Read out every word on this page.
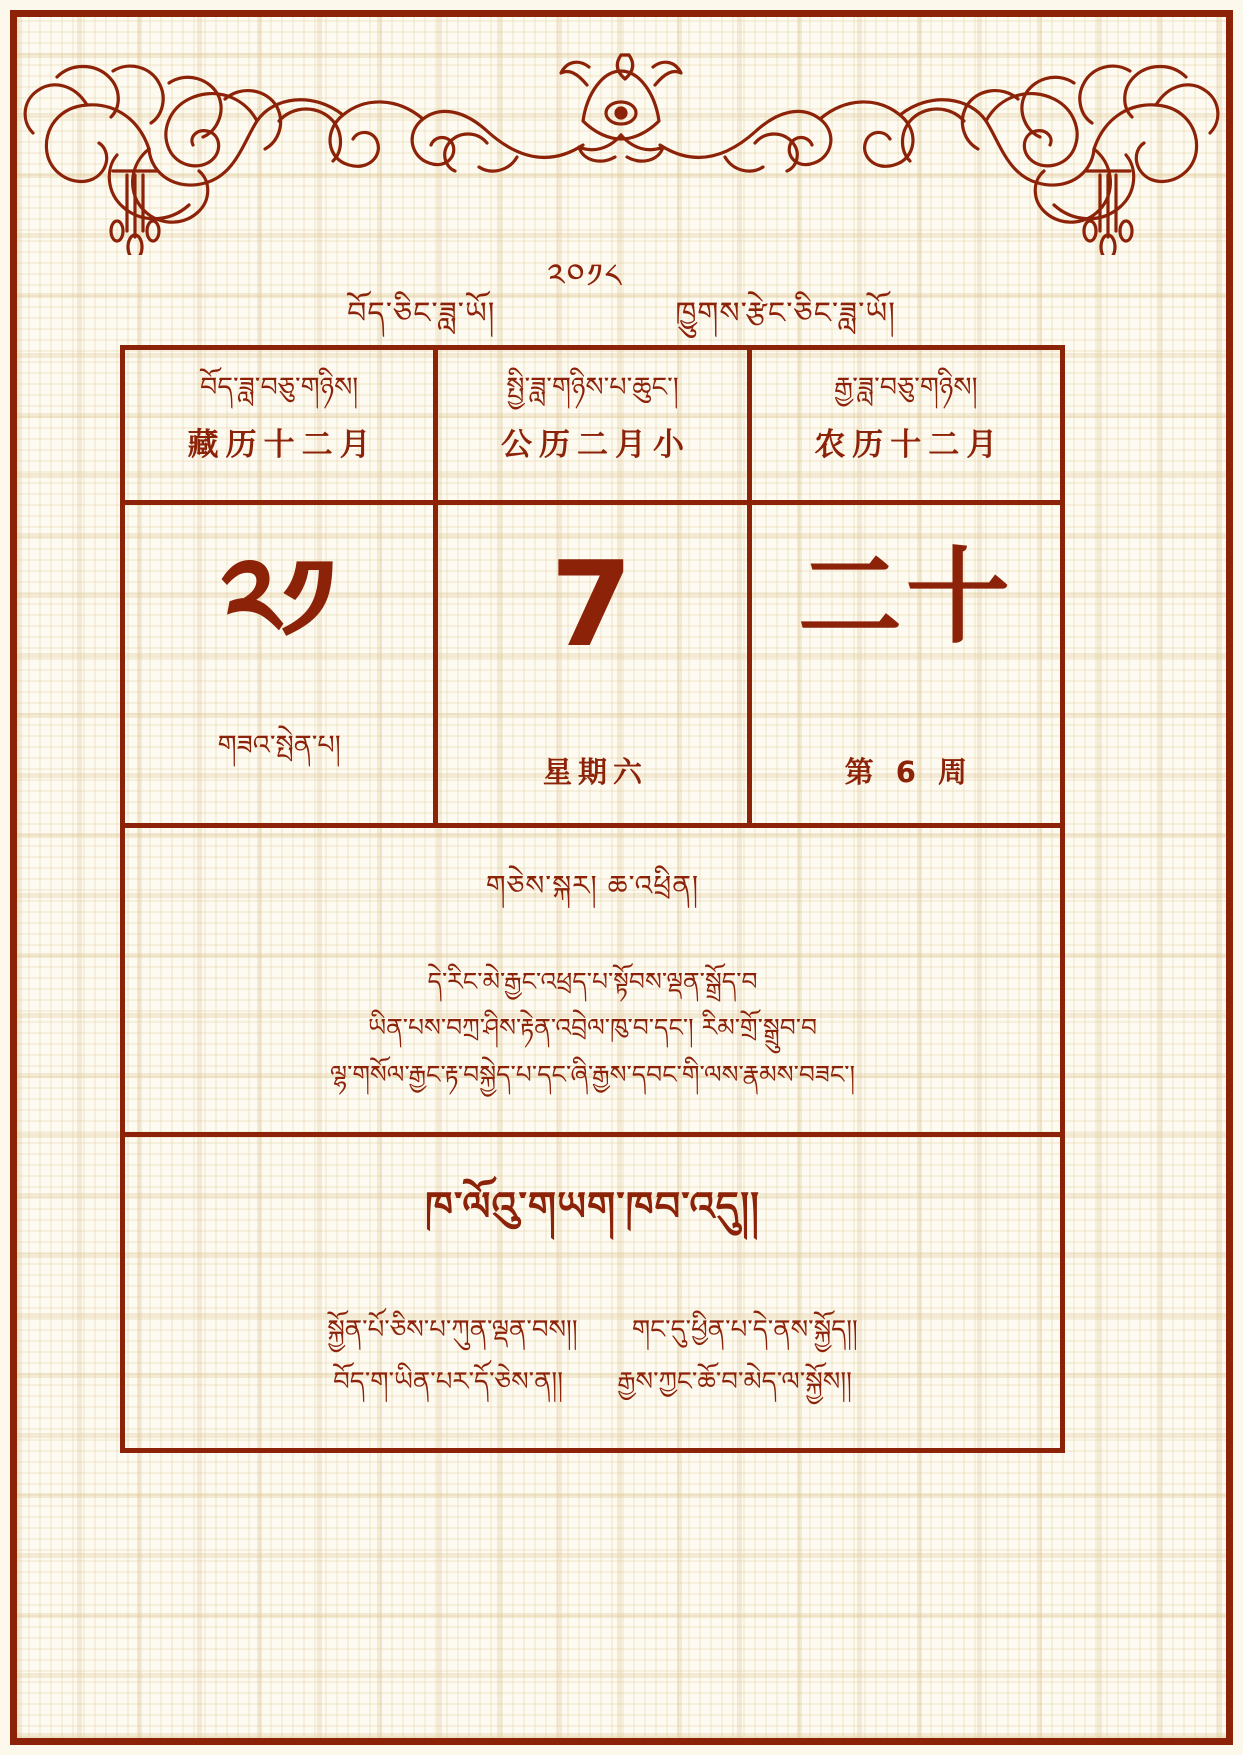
བོད་ཅིང་ཟླ་ཡོ།
༢༠༡༨
ཁྱུགས་རྩེང་ཅིང་ཟླ་ཡོ།
བོད་ཟླ་བཅུ་གཉིས།
藏历十二月
སྤྱི་ཟླ་གཉིས་པ་ཆུང་།
公历二月小
རྒྱ་ཟླ་བཅུ་གཉིས།
农历十二月
༢༡
གཟའ་སྤེན་པ།
7
星期六
二十
第 6 周
གཅེས་སྐར། ཆ་འཕྲིན།
དེ་རིང་མེ་རྒྱང་འཕྲད་པ་སྟོབས་ལྡན་སྒྲོད་བ
ཡིན་པས་བཀྲ་ཤིས་རྟེན་འབྲེལ་ཁུ་བ་དང་། རིམ་གྲོ་སྒྲུབ་བ
ལྷ་གསོལ་རྒྱང་རྟ་བསྐྱེད་པ་དང་ཞི་རྒྱས་དབང་གི་ལས་རྣམས་བཟང་།
ཁ་ལོའུ་གཡག་ཁབ་འདུ།།
སྐྱོན་པོ་ཅིས་པ་ཀུན་ལྡན་བས།། གང་དུ་ཕྱིན་པ་དེ་ནས་སྐྱོད།།
བོད་ག་ཡིན་པར་དོ་ཅེས་ན།། རྒྱས་ཀྱང་ཆོ་བ་མེད་ལ་སྐྱོས།།
